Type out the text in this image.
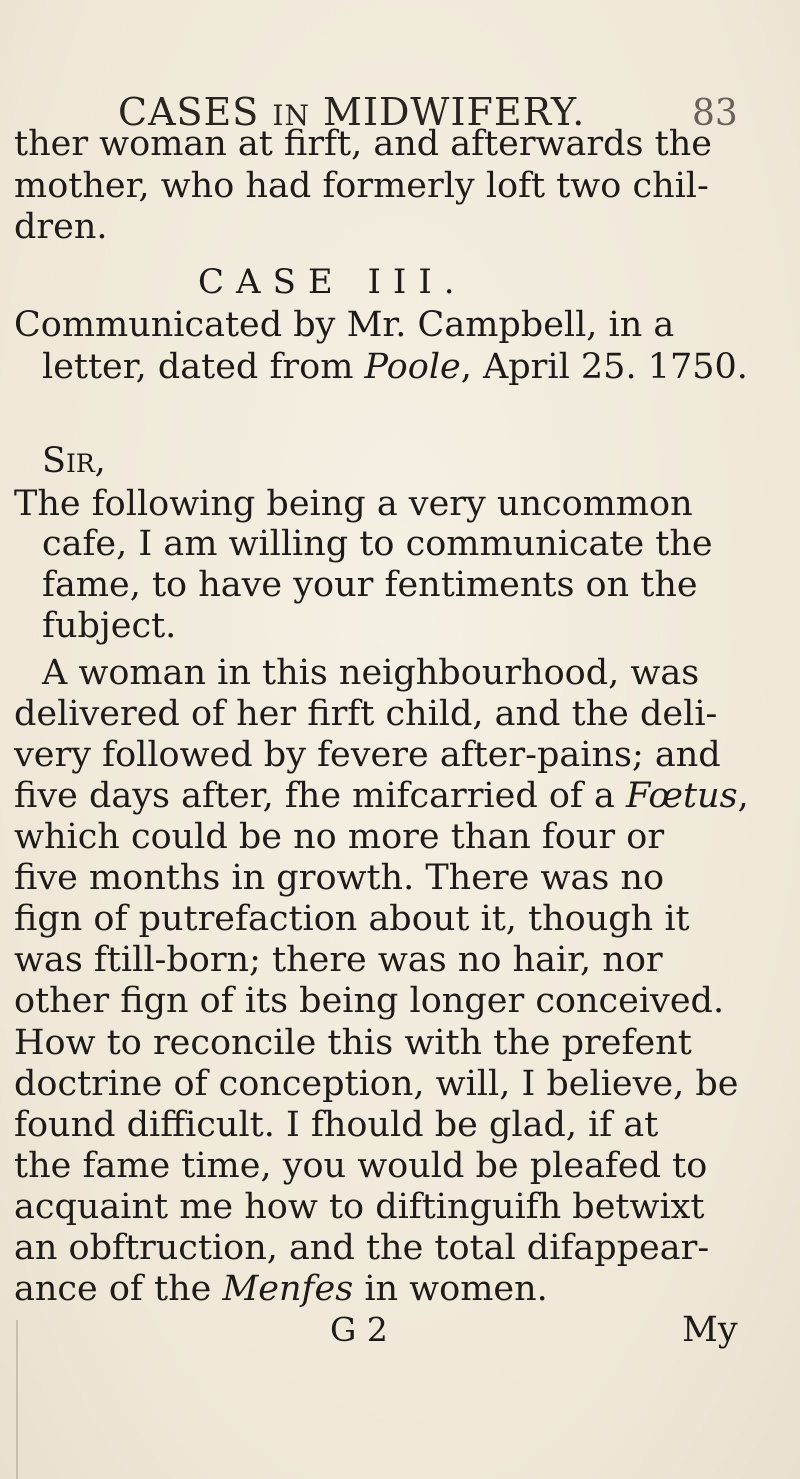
CASES IN MIDWIFERY.	83
ther woman at firft, and afterwards the
mother, who had formerly loft two chil-
dren.
CASE III.
Communicated by Mr. Campbell, in a
letter, dated from Poole, April 25. 1750.
Sir,
The following being a very uncommon
cafe, I am willing to communicate the
fame, to have your fentiments on the
fubject.
A woman in this neighbourhood, was
delivered of her firft child, and the deli-
very followed by fevere after-pains; and
five days after, fhe mifcarried of a Fœtus,
which could be no more than four or
five months in growth. There was no
fign of putrefaction about it, though it
was ftill-born; there was no hair, nor
other fign of its being longer conceived.
How to reconcile this with the prefent
doctrine of conception, will, I believe, be
found difficult. I fhould be glad, if at
the fame time, you would be pleafed to
acquaint me how to diftinguifh betwixt
an obftruction, and the total difappear-
ance of the Menfes in women.
G 2	My
